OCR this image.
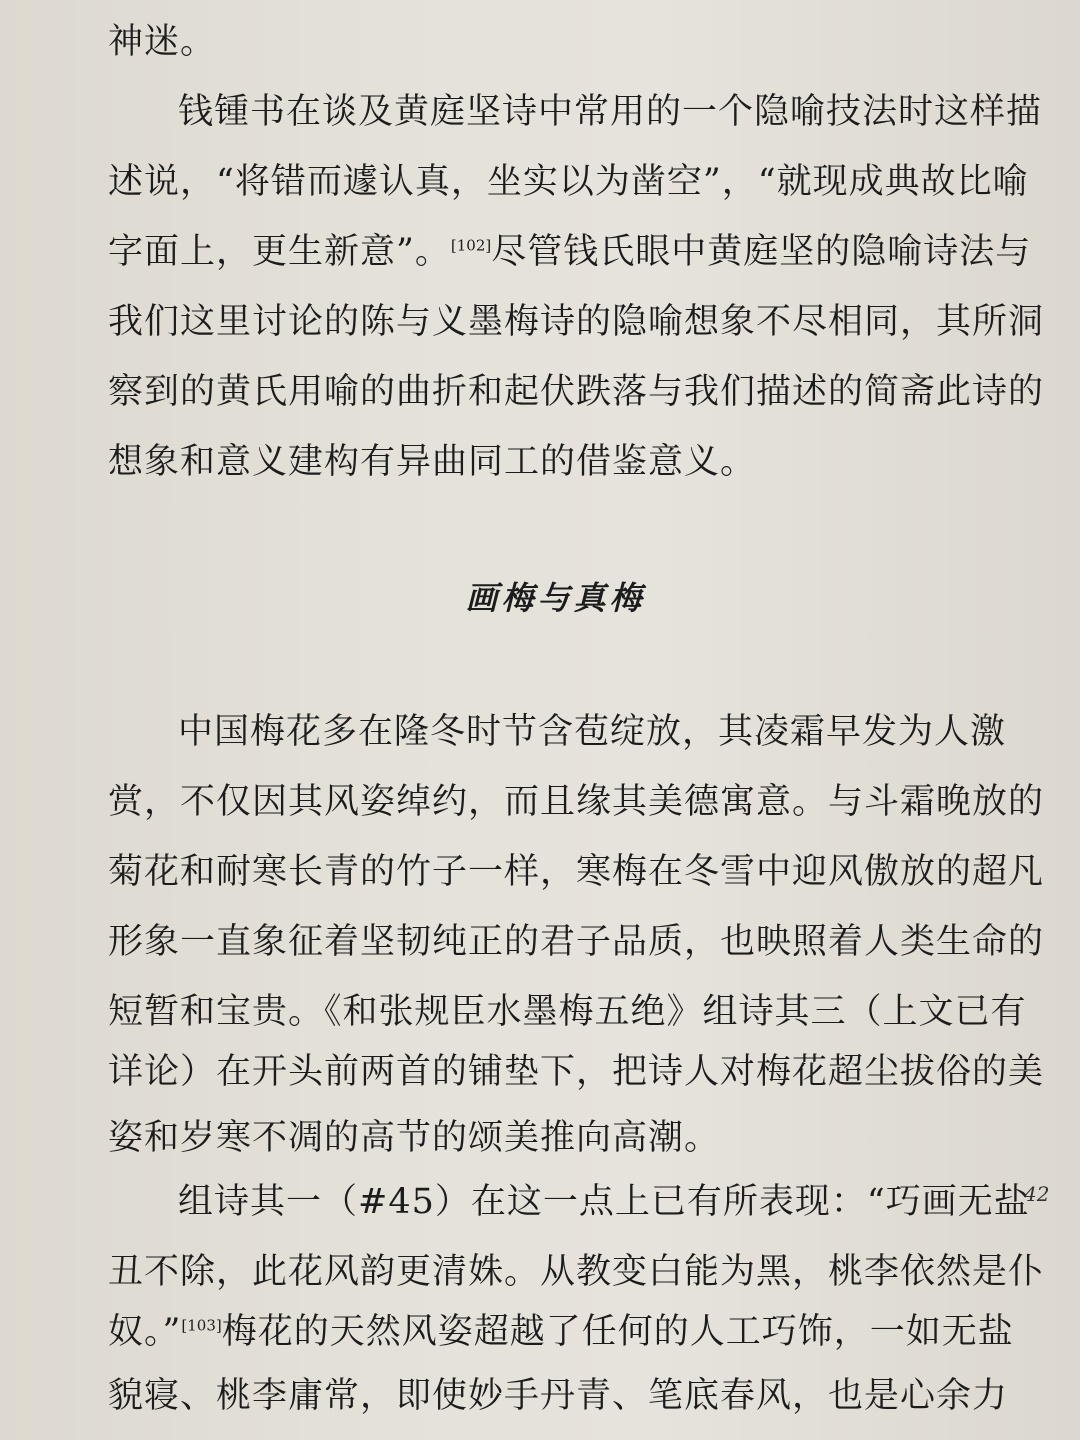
神迷。
钱锺书在谈及黄庭坚诗中常用的一个隐喻技法时这样描
述说，“将错而遽认真，坐实以为凿空”，“就现成典故比喻
字面上，更生新意”。[102]尽管钱氏眼中黄庭坚的隐喻诗法与
我们这里讨论的陈与义墨梅诗的隐喻想象不尽相同，其所洞
察到的黄氏用喻的曲折和起伏跌落与我们描述的简斋此诗的
想象和意义建构有异曲同工的借鉴意义。
画梅与真梅
中国梅花多在隆冬时节含苞绽放，其凌霜早发为人激
赏，不仅因其风姿绰约，而且缘其美德寓意。与斗霜晚放的
菊花和耐寒长青的竹子一样，寒梅在冬雪中迎风傲放的超凡
形象一直象征着坚韧纯正的君子品质，也映照着人类生命的
短暂和宝贵。《和张规臣水墨梅五绝》组诗其三（上文已有
详论）在开头前两首的铺垫下，把诗人对梅花超尘拔俗的美
姿和岁寒不凋的高节的颂美推向高潮。
组诗其一（#45）在这一点上已有所表现：“巧画无盐
丑不除，此花风韵更清姝。从教变白能为黑，桃李依然是仆
奴。”[103]梅花的天然风姿超越了任何的人工巧饰，一如无盐
貌寝、桃李庸常，即使妙手丹青、笔底春风，也是心余力
42
